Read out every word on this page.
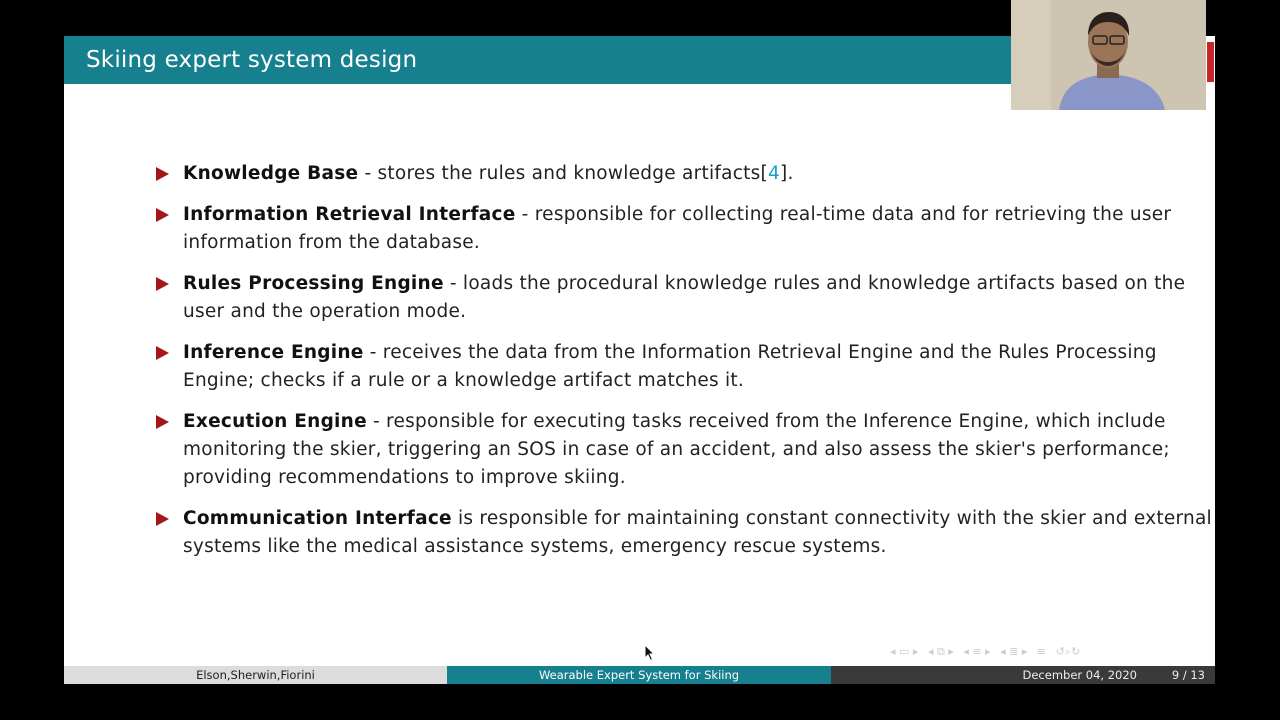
Skiing expert system design
Knowledge Base - stores the rules and knowledge artifacts[4].
Information Retrieval Interface - responsible for collecting real-time data and for retrieving the user information from the database.
Rules Processing Engine - loads the procedural knowledge rules and knowledge artifacts based on the user and the operation mode.
Inference Engine - receives the data from the Information Retrieval Engine and the Rules Processing Engine; checks if a rule or a knowledge artifact matches it.
Execution Engine - responsible for executing tasks received from the Inference Engine, which include monitoring the skier, triggering an SOS in case of an accident, and also assess the skier's performance; providing recommendations to improve skiing.
Communication Interface is responsible for maintaining constant connectivity with the skier and external systems like the medical assistance systems, emergency rescue systems.
◂ ▭ ▸ ◂ ⧉ ▸ ◂ ≡ ▸ ◂ ≣ ▸ ≡ ↺⌕↻
Elson,Sherwin,Fiorini	Wearable Expert System for Skiing	December 04, 2020	9 / 13
